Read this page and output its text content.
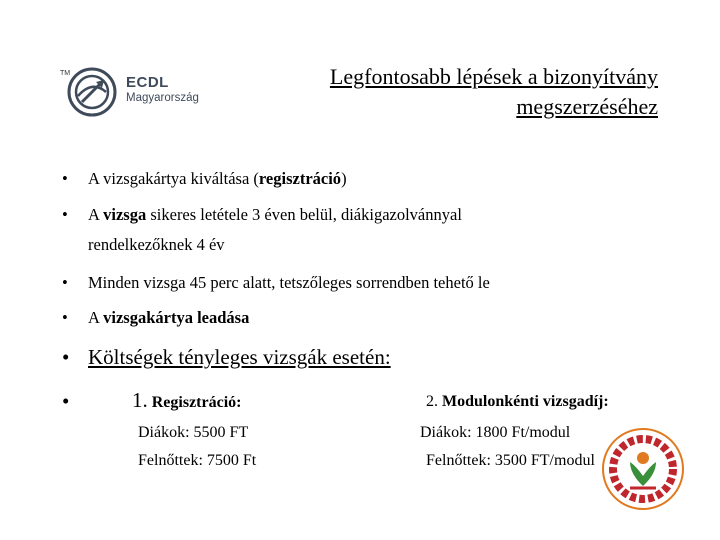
TM
ECDL
Magyarország
Legfontosabb lépések a bizonyítvány
megszerzéséhez
• A vizsgakártya kiváltása (regisztráció)
• A vizsga sikeres letétele 3 éven belül, diákigazolvánnyal
rendelkezőknek 4 év
• Minden vizsga 45 perc alatt, tetszőleges sorrendben tehető le
• A vizsgakártya leadása
• Költségek tényleges vizsgák esetén:
•	1. Regisztráció:
Diákok: 5500 FT
Felnőttek: 7500 Ft
2. Modulonkénti vizsgadíj:
Diákok: 1800 Ft/modul
Felnőttek: 3500 FT/modul
